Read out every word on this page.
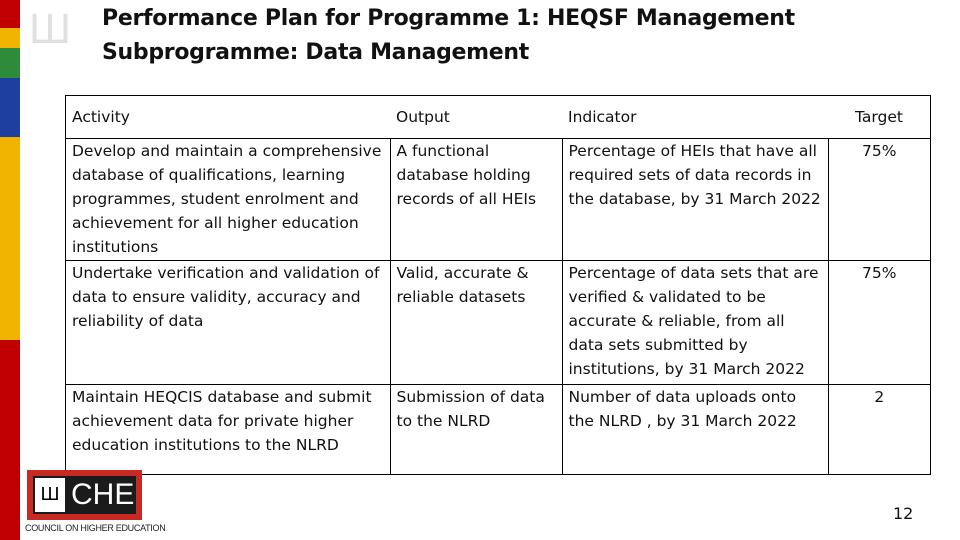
Ш	Performance Plan for Programme 1: HEQSF Management
Subprogramme: Data Management
Activity	Output	Indicator	Target
Develop and maintain a comprehensive database of qualifications, learning programmes, student enrolment and achievement for all higher education institutions	A functional database holding records of all HEIs	Percentage of HEIs that have all required sets of data records in the database, by 31 March 2022	75%
Undertake verification and validation of data to ensure validity, accuracy and reliability of data	Valid, accurate & reliable datasets	Percentage of data sets that are verified & validated to be accurate & reliable, from all data sets submitted by institutions, by 31 March 2022	75%
Maintain HEQCIS database and submit achievement data for private higher education institutions to the NLRD	Submission of data to the NLRD	Number of data uploads onto the NLRD , by 31 March 2022	2
CHE
Ш
COUNCIL ON HIGHER EDUCATION
12
